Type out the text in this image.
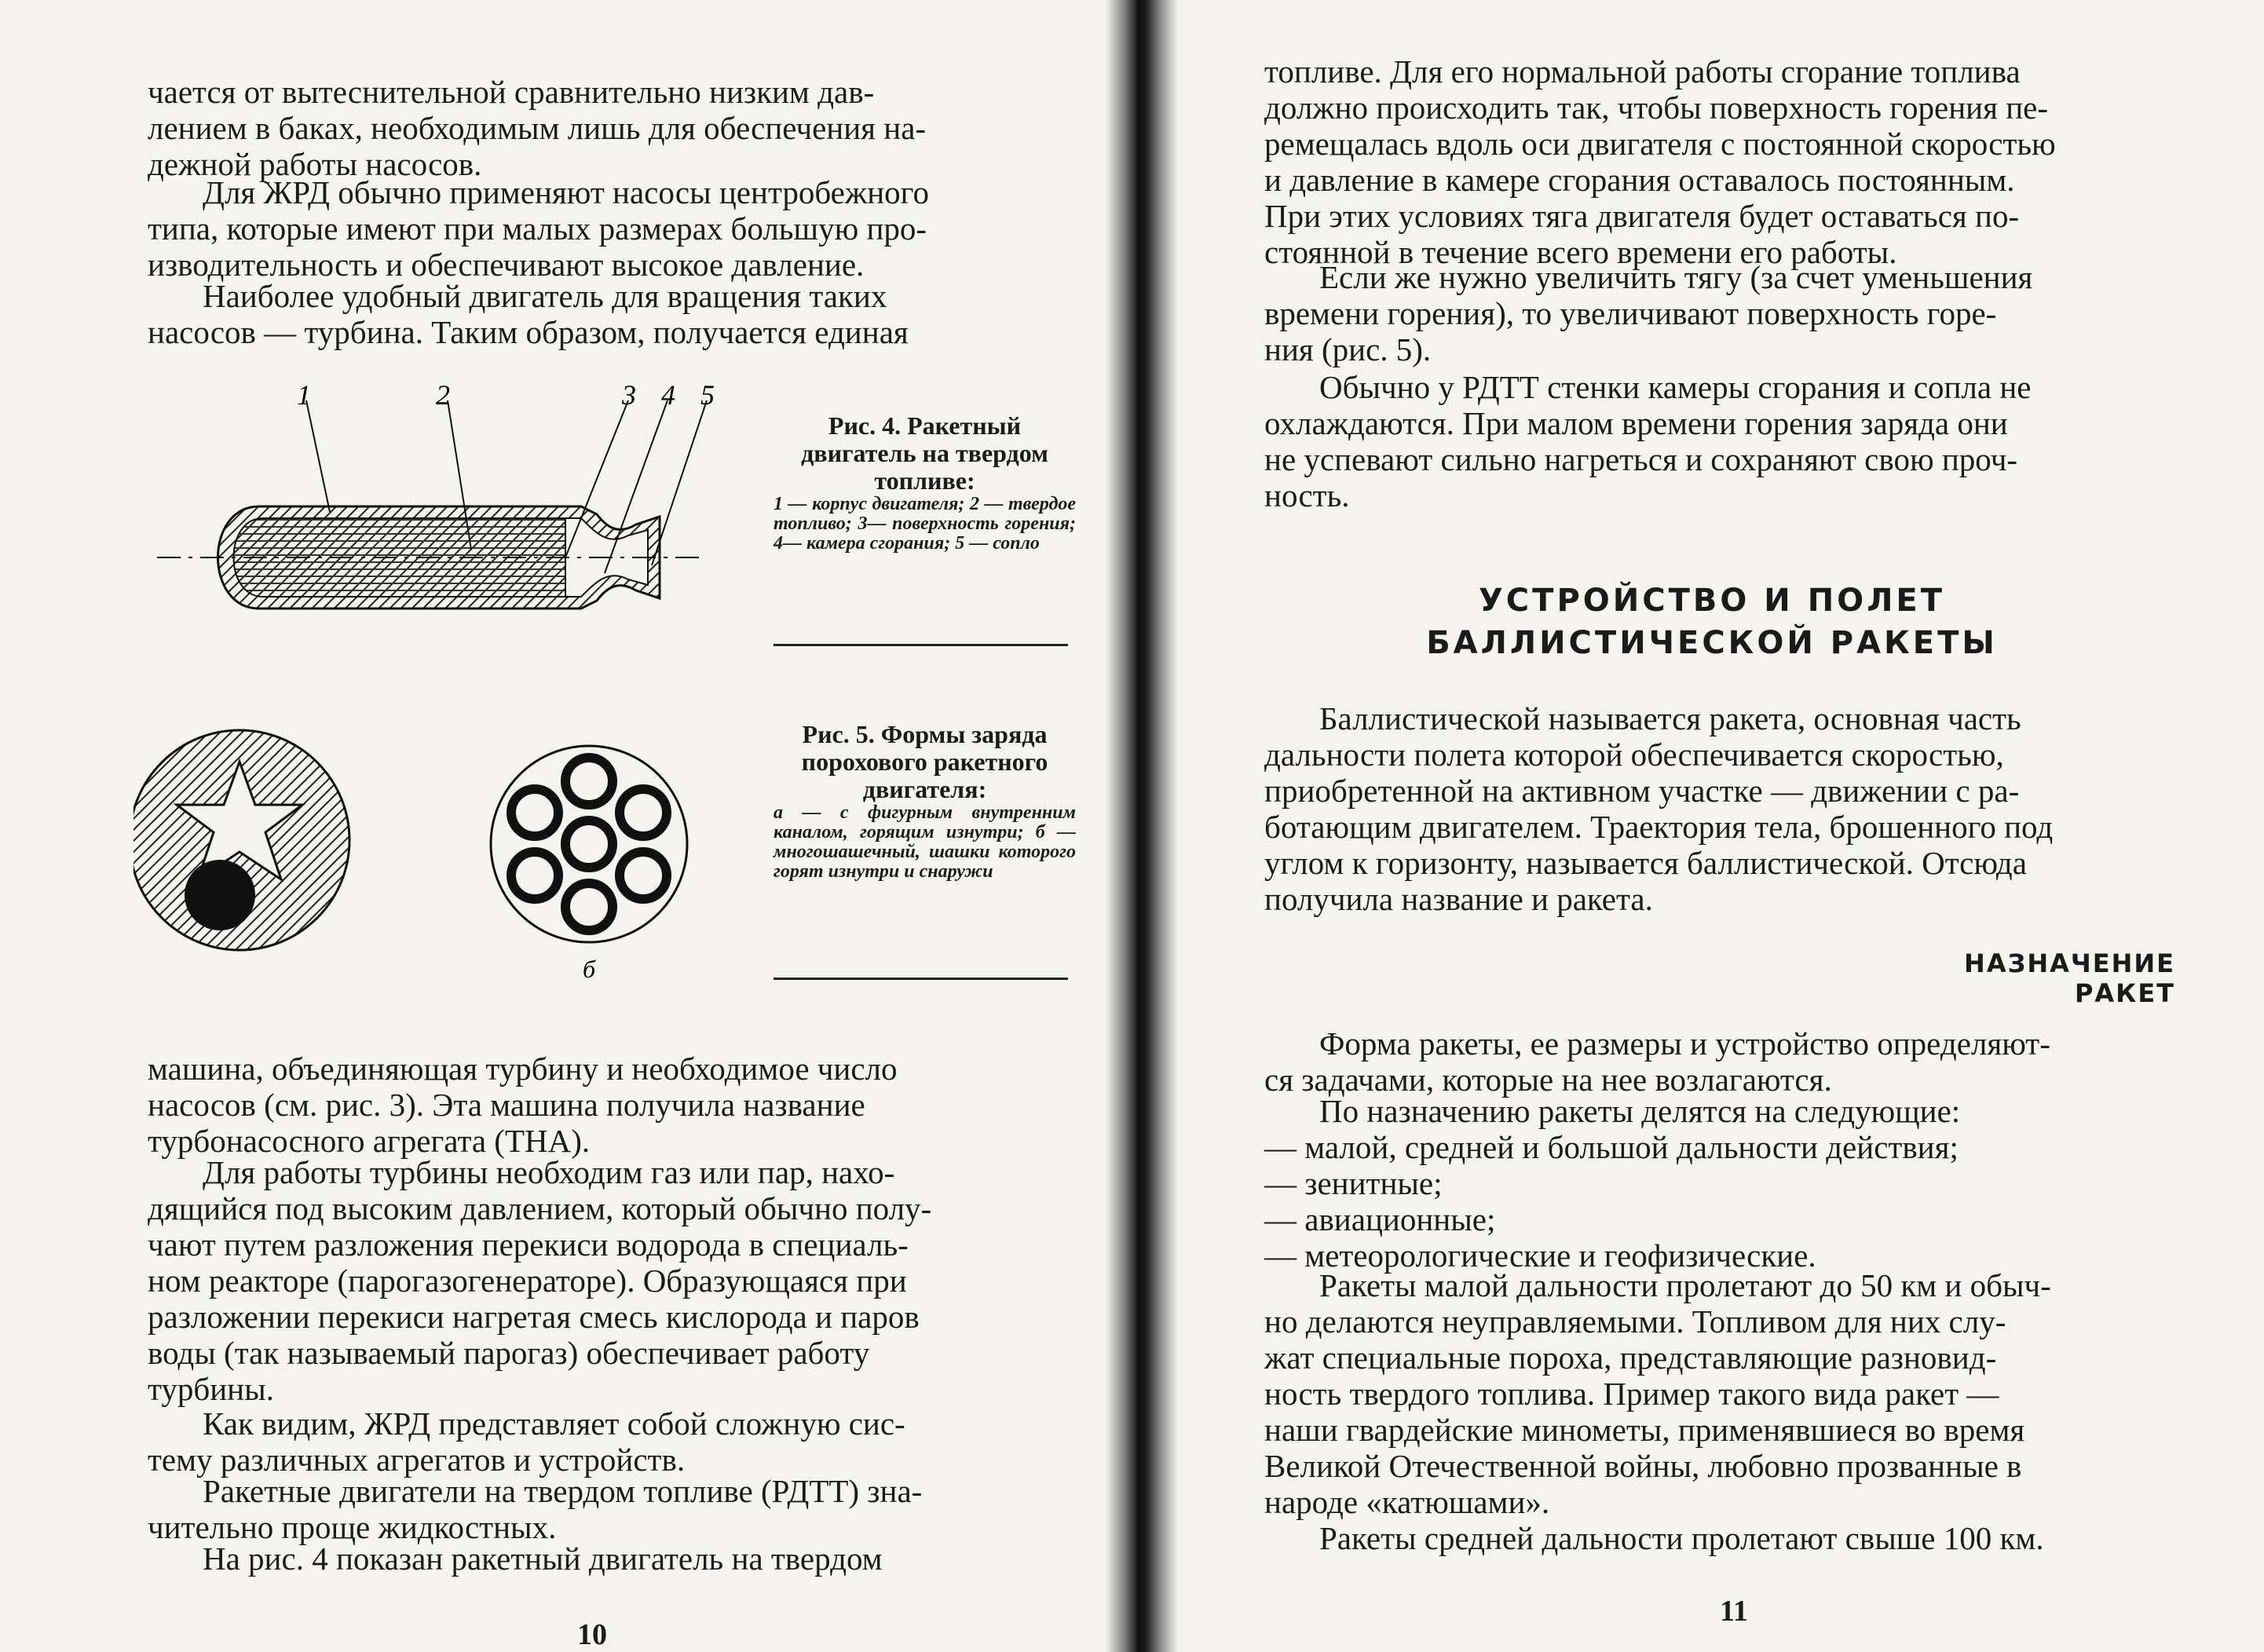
чается от вытеснительной сравнительно низким дав-
лением в баках, необходимым лишь для обеспечения на-
дежной работы насосов.

Для ЖРД обычно применяют насосы центробежного
типа, которые имеют при малых размерах большую про-
изводительность и обеспечивают высокое давление.

Наиболее удобный двигатель для вращения таких
насосов — турбина. Таким образом, получается единая

1	2	3 4 5
Рис. 4. Ракетный двигатель на твердом топливе:
1 — корпус двигателя; 2 — твердое топливо; 3— поверхность горения; 4— камера сгорания; 5 — сопло
б
Рис. 5. Формы заряда порохового ракетного двигателя:
а — с фигурным внутренним каналом, горящим изнутри; б — многошашечный, шашки которого горят изнутри и снаружи

машина, объединяющая турбину и необходимое число
насосов (см. рис. 3). Эта машина получила название
турбонасосного агрегата (ТНА).

Для работы турбины необходим газ или пар, нахо-
дящийся под высоким давлением, который обычно полу-
чают путем разложения перекиси водорода в специаль-
ном реакторе (парогазогенераторе). Образующаяся при
разложении перекиси нагретая смесь кислорода и паров
воды (так называемый парогаз) обеспечивает работу
турбины.

Как видим, ЖРД представляет собой сложную сис-
тему различных агрегатов и устройств.

Ракетные двигатели на твердом топливе (РДТТ) зна-
чительно проще жидкостных.

На рис. 4 показан ракетный двигатель на твердом

10

топливе. Для его нормальной работы сгорание топлива
должно происходить так, чтобы поверхность горения пе-
ремещалась вдоль оси двигателя с постоянной скоростью
и давление в камере сгорания оставалось постоянным.
При этих условиях тяга двигателя будет оставаться по-
стоянной в течение всего времени его работы.

Если же нужно увеличить тягу (за счет уменьшения
времени горения), то увеличивают поверхность горе-
ния (рис. 5).

Обычно у РДТТ стенки камеры сгорания и сопла не
охлаждаются. При малом времени горения заряда они
не успевают сильно нагреться и сохраняют свою проч-
ность.

УСТРОЙСТВО И ПОЛЕТ
БАЛЛИСТИЧЕСКОЙ РАКЕТЫ

Баллистической называется ракета, основная часть
дальности полета которой обеспечивается скоростью,
приобретенной на активном участке — движении с ра-
ботающим двигателем. Траектория тела, брошенного под
углом к горизонту, называется баллистической. Отсюда
получила название и ракета.

НАЗНАЧЕНИЕ РАКЕТ

Форма ракеты, ее размеры и устройство определяют-
ся задачами, которые на нее возлагаются.

По назначению ракеты делятся на следующие:
— малой, средней и большой дальности действия;
— зенитные;
— авиационные;
— метеорологические и геофизические.

Ракеты малой дальности пролетают до 50 км и обыч-
но делаются неуправляемыми. Топливом для них слу-
жат специальные пороха, представляющие разновид-
ность твердого топлива. Пример такого вида ракет —
наши гвардейские минометы, применявшиеся во время
Великой Отечественной войны, любовно прозванные в
народе «катюшами».

Ракеты средней дальности пролетают свыше 100 км.

11
